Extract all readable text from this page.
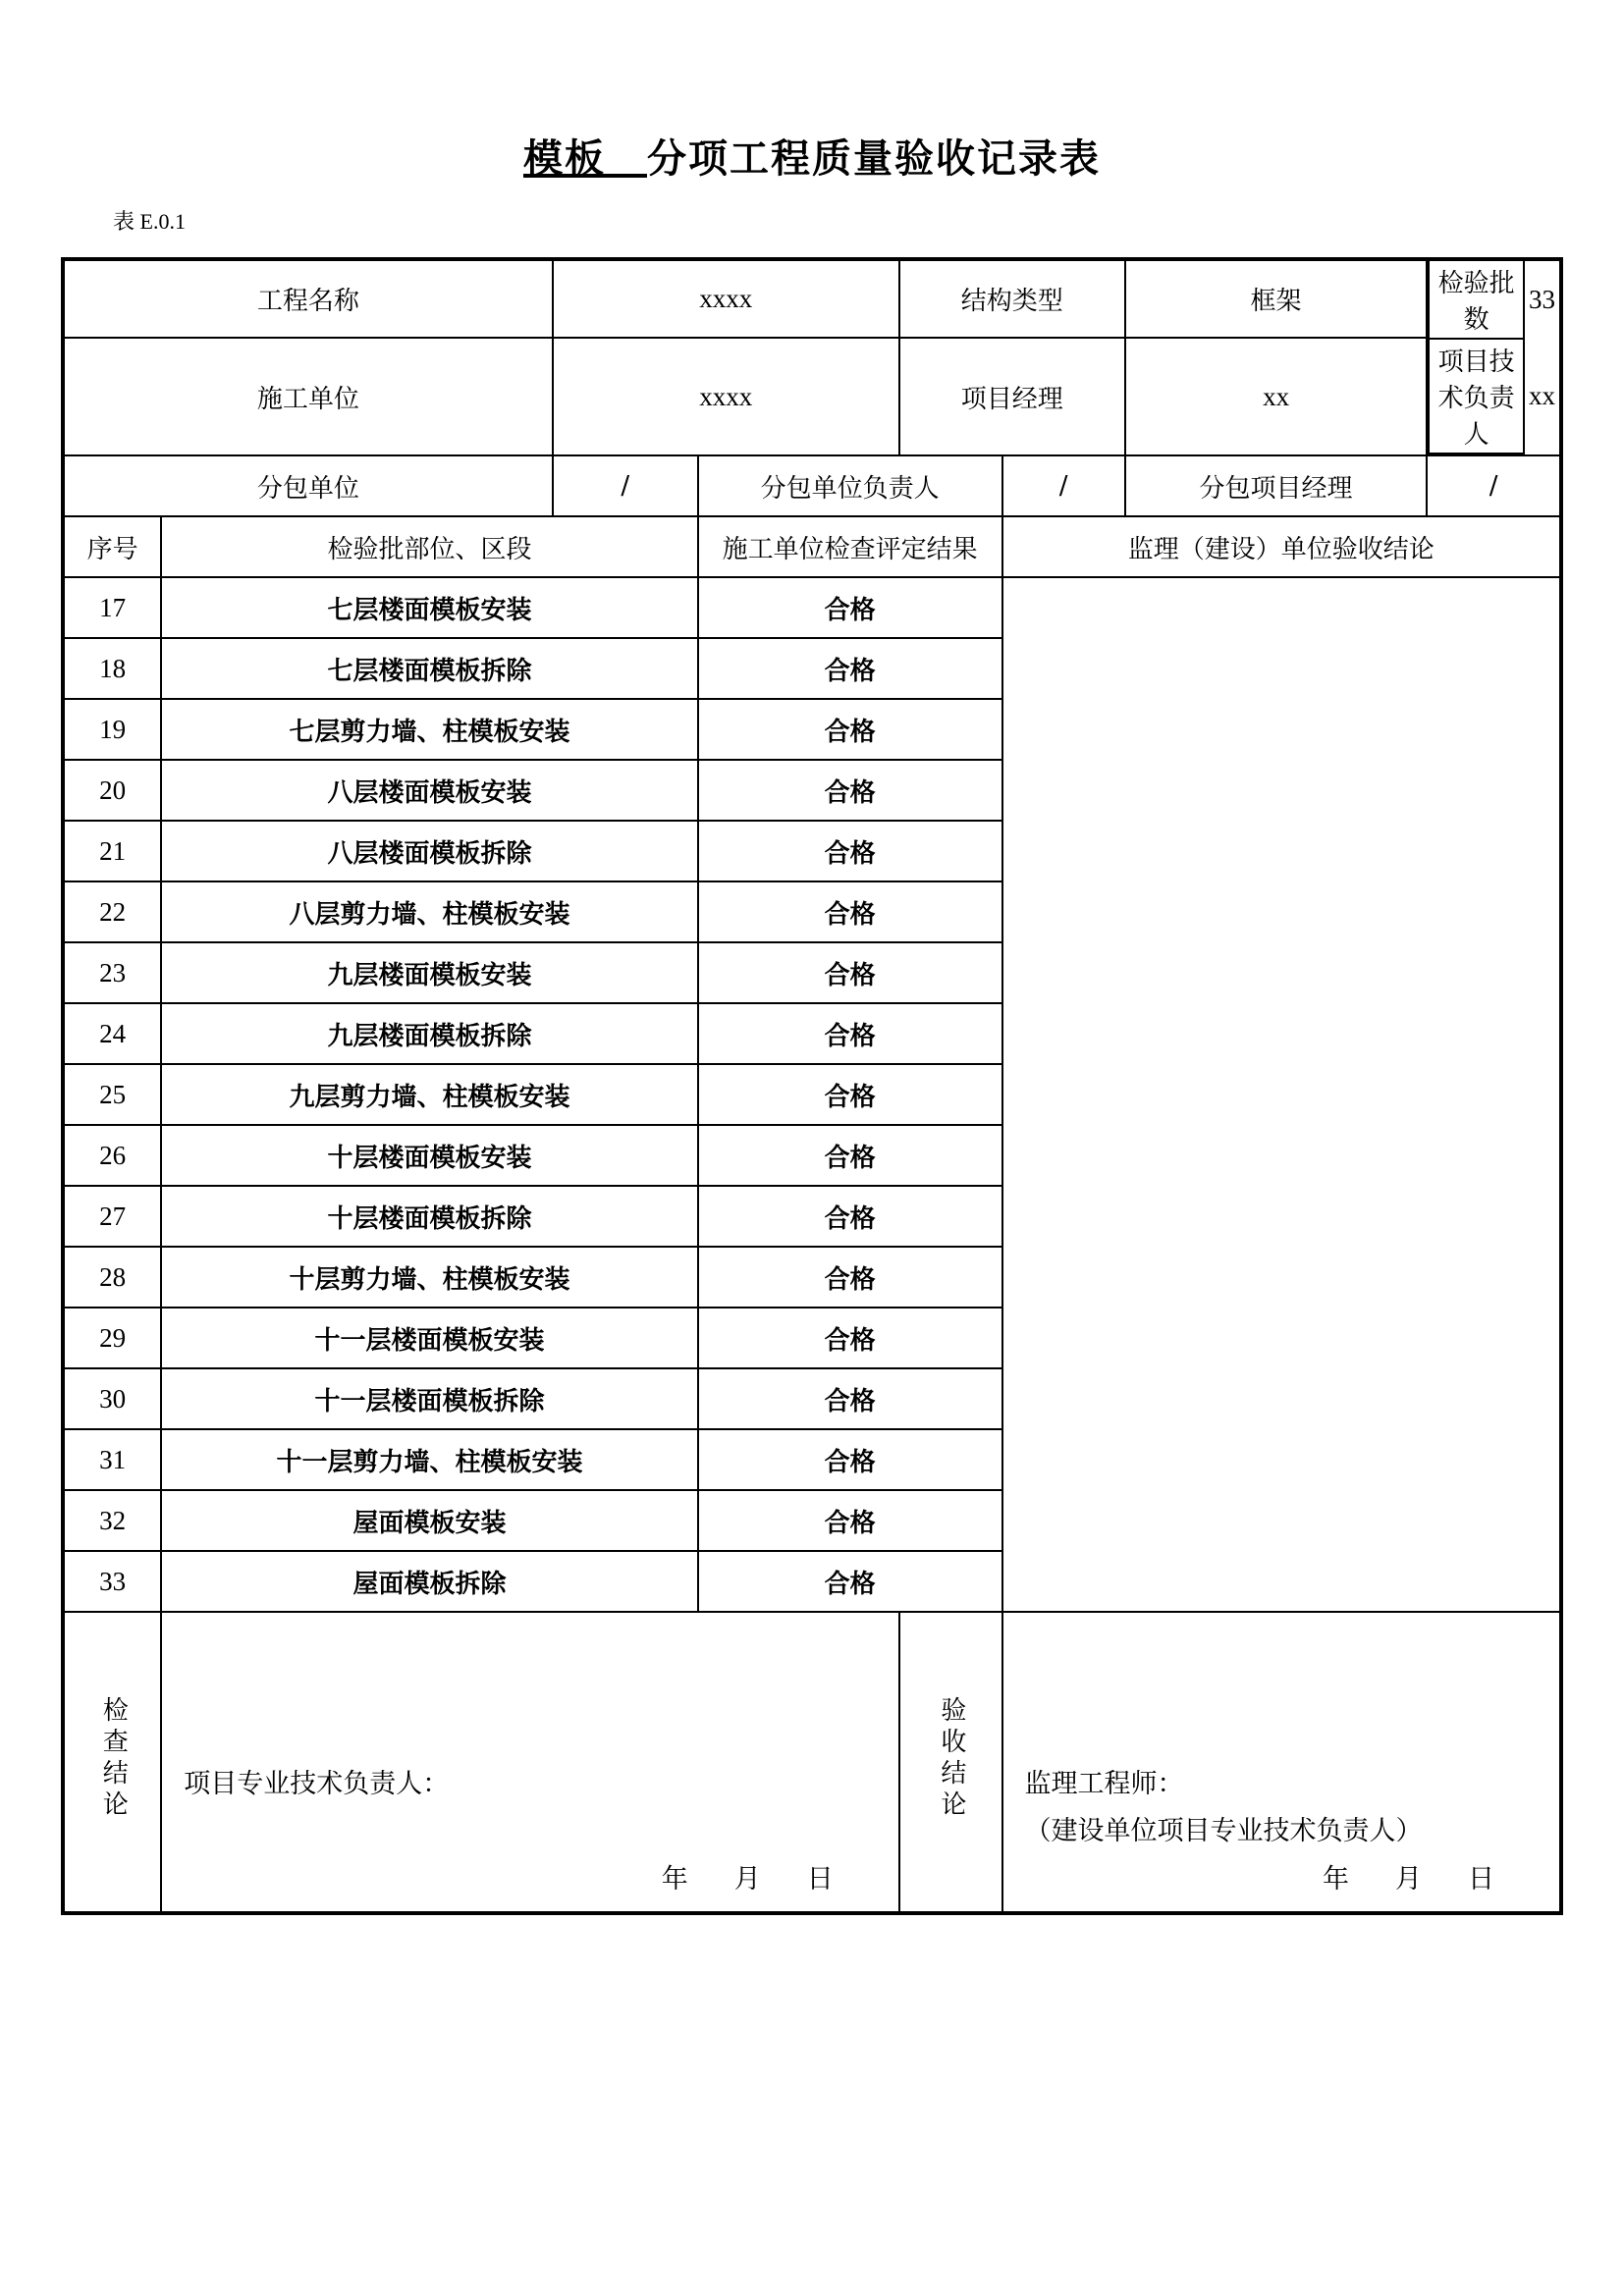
模板　 分项工程质量验收记录表
表 E.0.1
工程名称	xxxx	结构类型	框架	
检验批数	33

施工单位	xxxx	项目经理	xx	
项目技术负责人	xx

分包单位	/	分包单位负责人	/	分包项目经理	/
序号	检验批部位、区段	施工单位检查评定结果	监理（建设）单位验收结论
17	七层楼面模板安装	合格	
18	七层楼面模板拆除	合格
19	七层剪力墙、柱模板安装	合格
20	八层楼面模板安装	合格
21	八层楼面模板拆除	合格
22	八层剪力墙、柱模板安装	合格
23	九层楼面模板安装	合格
24	九层楼面模板拆除	合格
25	九层剪力墙、柱模板安装	合格
26	十层楼面模板安装	合格
27	十层楼面模板拆除	合格
28	十层剪力墙、柱模板安装	合格
29	十一层楼面模板安装	合格
30	十一层楼面模板拆除	合格
31	十一层剪力墙、柱模板安装	合格
32	屋面模板安装	合格
33	屋面模板拆除	合格
检查结论	项目专业技术负责人：
年　月　日
	验收结论	监理工程师：
（建设单位项目专业技术负责人）
年　月　日
